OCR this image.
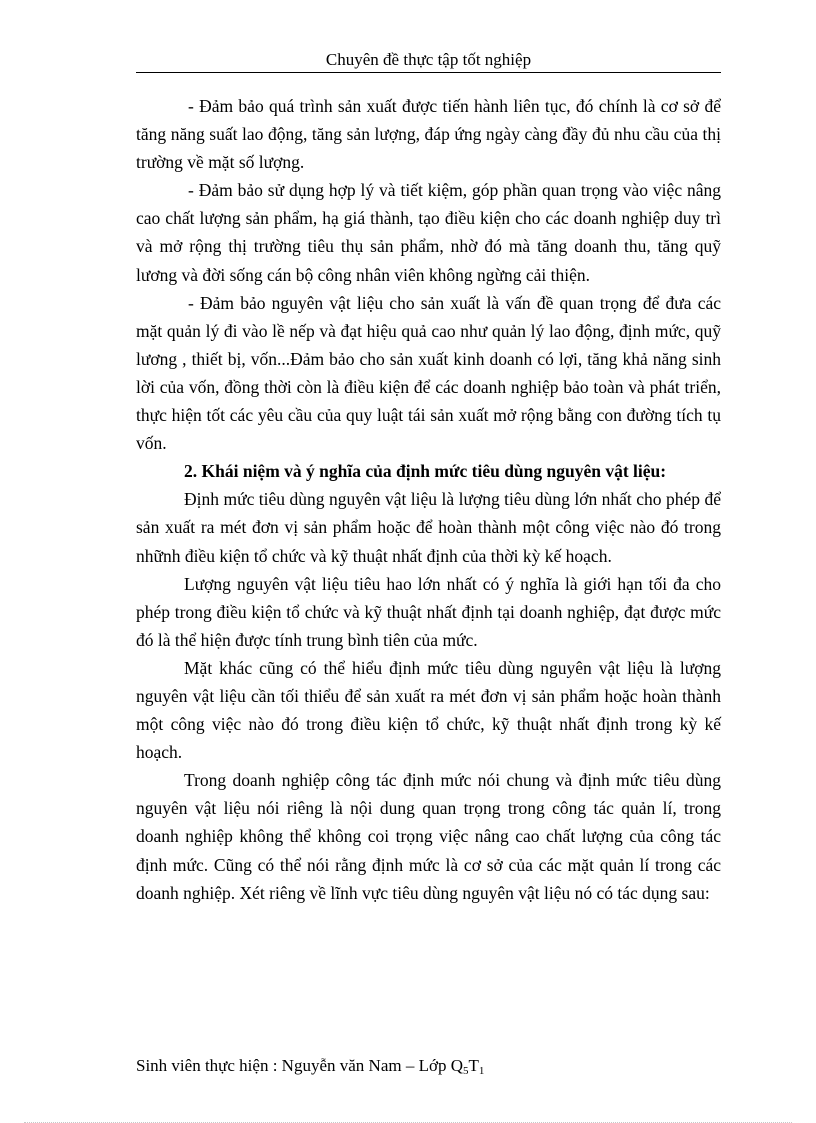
Chuyên đề thực tập tốt nghiệp

- Đảm bảo quá trình sản xuất được tiến hành liên tục, đó chính là cơ sở để tăng năng suất lao động, tăng sản lượng, đáp ứng ngày càng đầy đủ nhu cầu của thị trường về mặt số lượng.

- Đảm bảo sử dụng hợp lý và tiết kiệm, góp phần quan trọng vào việc nâng cao chất lượng sản phẩm, hạ giá thành, tạo điều kiện cho các doanh nghiệp duy trì và mở rộng thị trường tiêu thụ sản phẩm, nhờ đó mà tăng doanh thu, tăng quỹ lương và đời sống cán bộ công nhân viên không ngừng cải thiện.

- Đảm bảo nguyên vật liệu cho sản xuất là vấn đề quan trọng để đưa các mặt quản lý đi vào lề nếp và đạt hiệu quả cao như quản lý lao động, định mức, quỹ lương , thiết bị, vốn...Đảm bảo cho sản xuất kinh doanh có lợi, tăng khả năng sinh lời của vốn, đồng thời còn là điều kiện để các doanh nghiệp bảo toàn và phát triển, thực hiện tốt các yêu cầu của quy luật tái sản xuất mở rộng bằng con đường tích tụ vốn.

2. Khái niệm và ý nghĩa của định mức tiêu dùng nguyên vật liệu:

Định mức tiêu dùng nguyên vật liệu là lượng tiêu dùng lớn nhất cho phép để sản xuất ra mét đơn vị sản phẩm hoặc để hoàn thành một công việc nào đó trong nhữnh điều kiện tổ chức và kỹ thuật nhất định của thời kỳ kế hoạch.

Lượng nguyên vật liệu tiêu hao lớn nhất có ý nghĩa là giới hạn tối đa cho phép trong điều kiện tổ chức và kỹ thuật nhất định tại doanh nghiệp, đạt được mức đó là thể hiện được tính trung bình tiên của mức.

Mặt khác cũng có thể hiểu định mức tiêu dùng nguyên vật liệu là lượng nguyên vật liệu cần tối thiểu để sản xuất ra mét đơn vị sản phẩm hoặc hoàn thành một công việc nào đó trong điều kiện tổ chức, kỹ thuật nhất định trong kỳ kế hoạch.

Trong doanh nghiệp công tác định mức nói chung và định mức tiêu dùng nguyên vật liệu nói riêng là nội dung quan trọng trong công tác quản lí, trong doanh nghiệp không thể không coi trọng việc nâng cao chất lượng của công tác định mức. Cũng có thể nói rằng định mức là cơ sở của các mặt quản lí trong các doanh nghiệp. Xét riêng về lĩnh vực tiêu dùng nguyên vật liệu nó có tác dụng sau:

Sinh viên thực hiện : Nguyễn văn Nam – Lớp $Q_5T_1$
